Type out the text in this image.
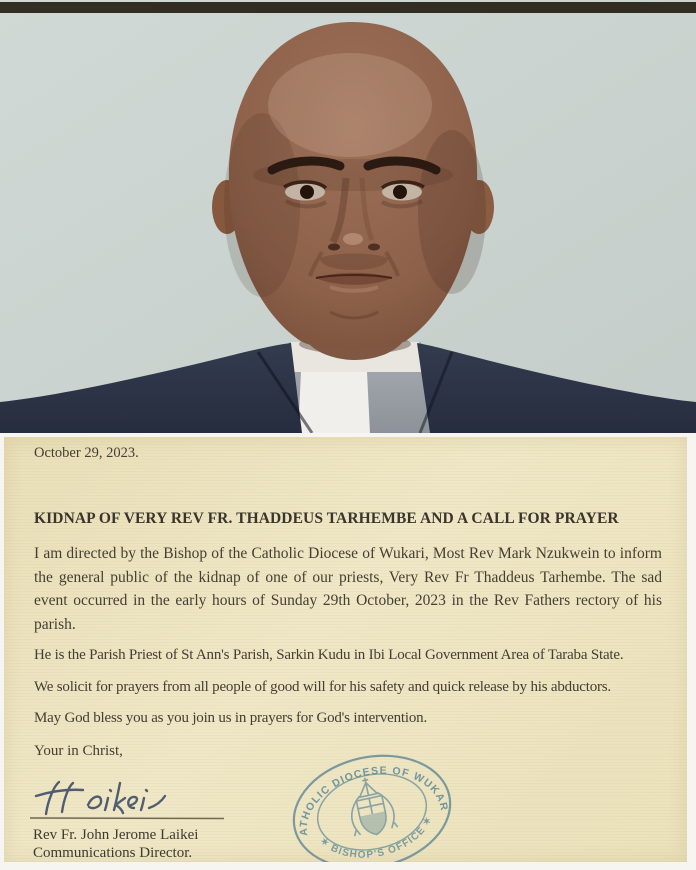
October 29, 2023.
KIDNAP OF VERY REV FR. THADDEUS TARHEMBE AND A CALL FOR PRAYER

I am directed by the Bishop of the Catholic Diocese of Wukari, Most Rev Mark Nzukwein to inform the general public of the kidnap of one of our priests, Very Rev Fr Thaddeus Tarhembe. The sad event occurred in the early hours of Sunday 29th October, 2023 in the Rev Fathers rectory of his parish.

He is the Parish Priest of St Ann's Parish, Sarkin Kudu in Ibi Local Government Area of Taraba State.

We solicit for prayers from all people of good will for his safety and quick release by his abductors.

May God bless you as you join us in prayers for God's intervention.

Your in Christ,

Rev Fr. John Jerome Laikei
Communications Director.
CATHOLIC DIOCESE OF WUKARI
✶ BISHOP'S OFFICE ✶
